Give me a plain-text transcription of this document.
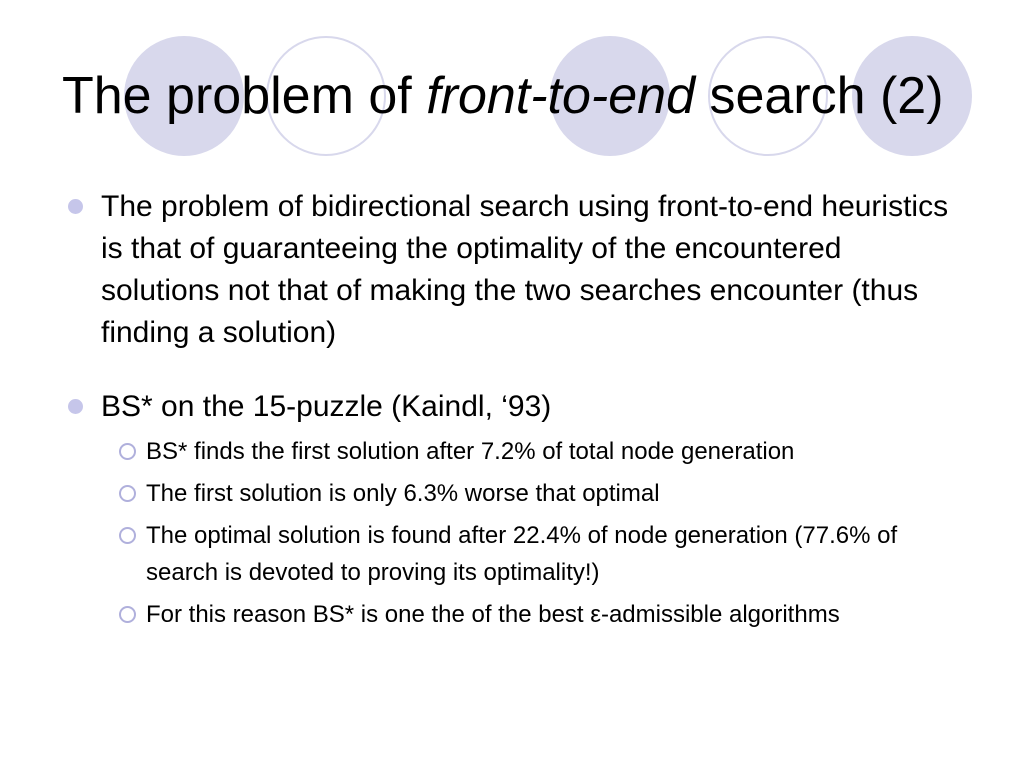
The problem of front-to-end search (2)
The problem of bidirectional search using front-to-end heuristics is that of guaranteeing the optimality of the encountered solutions not that of making the two searches encounter (thus finding a solution)
BS* on the 15-puzzle (Kaindl, ‘93)
BS* finds the first solution after 7.2% of total node generation
The first solution is only 6.3% worse that optimal
The optimal solution is found after 22.4% of node generation (77.6% of search is devoted to proving its optimality!)
For this reason BS* is one the of the best ε-admissible algorithms
